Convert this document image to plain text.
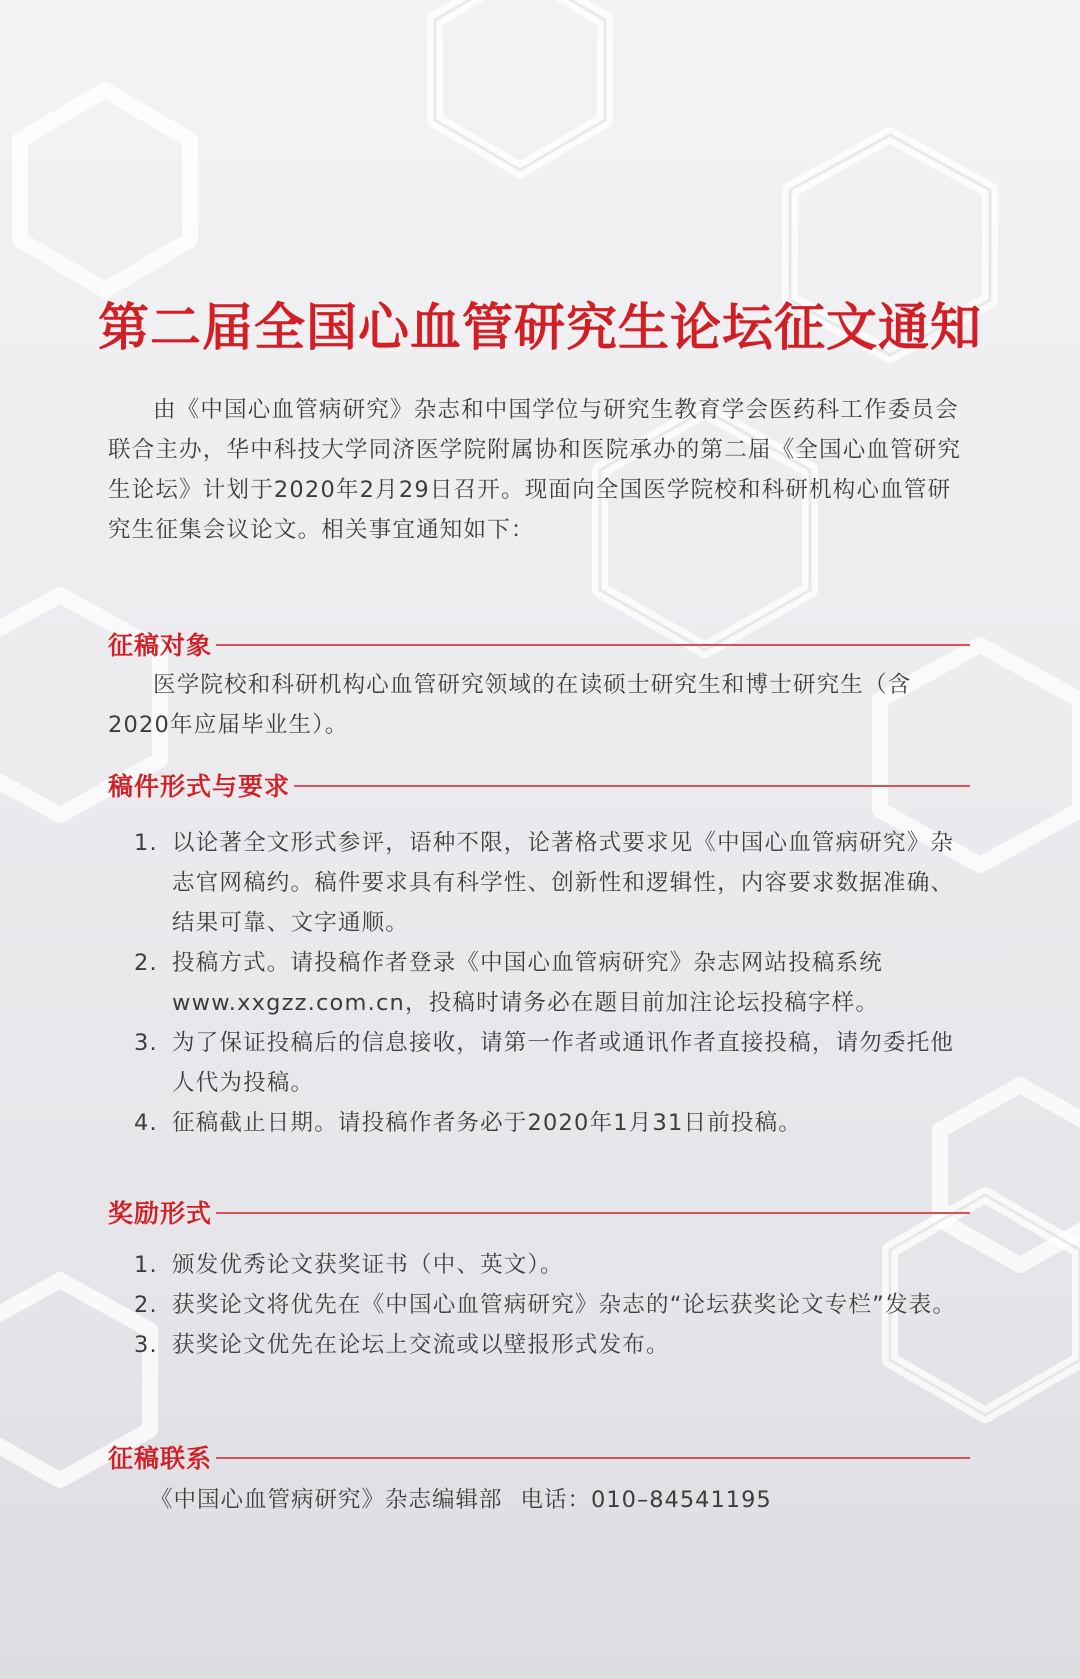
第二届全国心血管研究生论坛征文通知

由《中国心血管病研究》杂志和中国学位与研究生教育学会医药科工作委员会联合主办，华中科技大学同济医学院附属协和医院承办的第二届《全国心血管研究生论坛》计划于2020年2月29日召开。现面向全国医学院校和科研机构心血管研究生征集会议论文。相关事宜通知如下：

征稿对象

医学院校和科研机构心血管研究领域的在读硕士研究生和博士研究生（含2020年应届毕业生）。

稿件形式与要求
1. 以论著全文形式参评，语种不限，论著格式要求见《中国心血管病研究》杂志官网稿约。稿件要求具有科学性、创新性和逻辑性，内容要求数据准确、结果可靠、文字通顺。
2. 投稿方式。请投稿作者登录《中国心血管病研究》杂志网站投稿系统www.xxgzz.com.cn，投稿时请务必在题目前加注论坛投稿字样。
3. 为了保证投稿后的信息接收，请第一作者或通讯作者直接投稿，请勿委托他人代为投稿。
4. 征稿截止日期。请投稿作者务必于2020年1月31日前投稿。
奖励形式
1. 颁发优秀论文获奖证书（中、英文）。
2. 获奖论文将优先在《中国心血管病研究》杂志的“论坛获奖论文专栏”发表。
3. 获奖论文优先在论坛上交流或以壁报形式发布。
征稿联系
《中国心血管病研究》杂志编辑部 电话：010–84541195
